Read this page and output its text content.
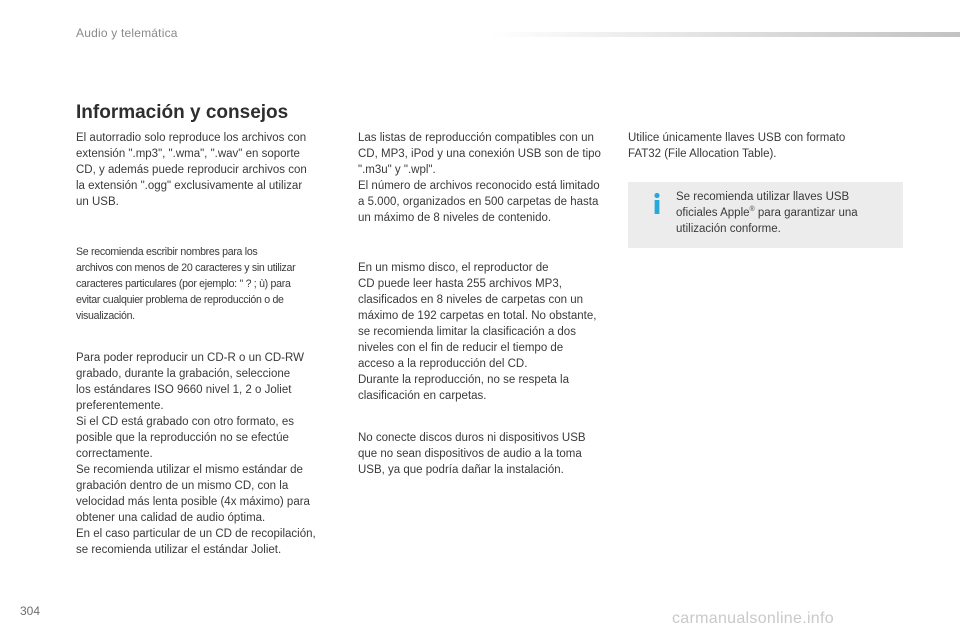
Audio y telemática
Información y consejos

El autorradio solo reproduce los archivos con
extensión ".mp3", ".wma", ".wav" en soporte
CD, y además puede reproducir archivos con
la extensión ".ogg" exclusivamente al utilizar
un USB.

Se recomienda escribir nombres para los
archivos con menos de 20 caracteres y sin utilizar
caracteres particulares (por ejemplo: " ? ; ù) para
evitar cualquier problema de reproducción o de
visualización.

Para poder reproducir un CD-R o un CD-RW
grabado, durante la grabación, seleccione
los estándares ISO 9660 nivel 1, 2 o Joliet
preferentemente.
Si el CD está grabado con otro formato, es
posible que la reproducción no se efectúe
correctamente.
Se recomienda utilizar el mismo estándar de
grabación dentro de un mismo CD, con la
velocidad más lenta posible (4x máximo) para
obtener una calidad de audio óptima.
En el caso particular de un CD de recopilación,
se recomienda utilizar el estándar Joliet.

Las listas de reproducción compatibles con un
CD, MP3, iPod y una conexión USB son de tipo
".m3u" y ".wpl".
El número de archivos reconocido está limitado
a 5.000, organizados en 500 carpetas de hasta
un máximo de 8 niveles de contenido.

En un mismo disco, el reproductor de
CD puede leer hasta 255 archivos MP3,
clasificados en 8 niveles de carpetas con un
máximo de 192 carpetas en total. No obstante,
se recomienda limitar la clasificación a dos
niveles con el fin de reducir el tiempo de
acceso a la reproducción del CD.
Durante la reproducción, no se respeta la
clasificación en carpetas.

No conecte discos duros ni dispositivos USB
que no sean dispositivos de audio a la toma
USB, ya que podría dañar la instalación.

Utilice únicamente llaves USB con formato
FAT32 (File Allocation Table).

Se recomienda utilizar llaves USB
oficiales Apple® para garantizar una
utilización conforme.
304	carmanualsonline.info
